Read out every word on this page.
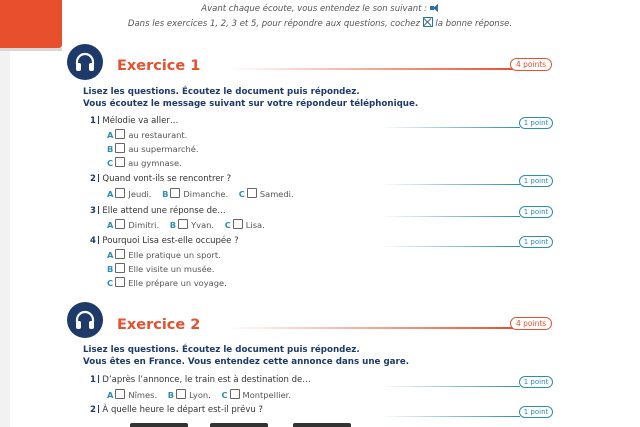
Avant chaque écoute, vous entendez le son suivant :
Dans les exercices 1, 2, 3 et 5, pour répondre aux questions, cochez la bonne réponse.
Exercice 1	4 points
Lisez les questions. Écoutez le document puis répondez.
Vous écoutez le message suivant sur votre répondeur téléphonique.
1 Mélodie va aller…	1 point
A au restaurant.
B au supermarché.
C au gymnase.
2 Quand vont-ils se rencontrer ?	1 point
A Jeudi. B Dimanche. C Samedi.
3 Elle attend une réponse de…	1 point
A Dimitri. B Yvan. C Lisa.
4 Pourquoi Lisa est-elle occupée ?	1 point
A Elle pratique un sport.
B Elle visite un musée.
C Elle prépare un voyage.
Exercice 2	4 points
Lisez les questions. Écoutez le document puis répondez.
Vous êtes en France. Vous entendez cette annonce dans une gare.
1 D’après l’annonce, le train est à destination de…	1 point
A Nîmes. B Lyon. C Montpellier.
2 À quelle heure le départ est-il prévu ?	1 point
